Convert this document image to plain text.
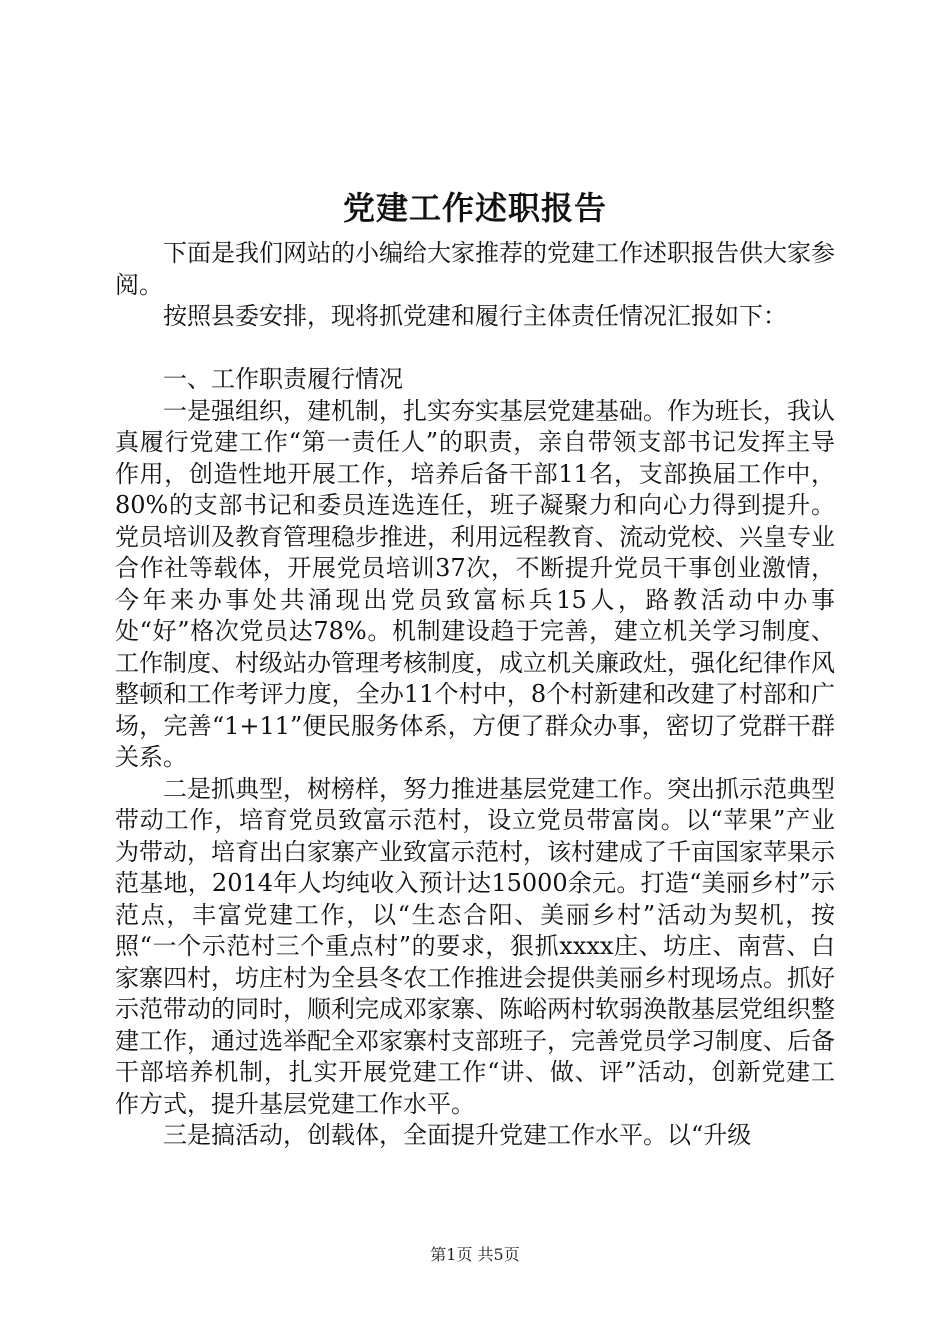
党建工作述职报告

下面是我们网站的小编给大家推荐的党建工作述职报告供大家参阅。

按照县委安排，现将抓党建和履行主体责任情况汇报如下：

一、工作职责履行情况

一是强组织，建机制，扎实夯实基层党建基础。作为班长，我认真履行党建工作“第一责任人”的职责，亲自带领支部书记发挥主导作用，创造性地开展工作，培养后备干部11名，支部换届工作中，80%的支部书记和委员连选连任，班子凝聚力和向心力得到提升。党员培训及教育管理稳步推进，利用远程教育、流动党校、兴皇专业合作社等载体，开展党员培训37次，不断提升党员干事创业激情，今年来办事处共涌现出党员致富标兵15人，路教活动中办事处“好”格次党员达78%。机制建设趋于完善，建立机关学习制度、工作制度、村级站办管理考核制度，成立机关廉政灶，强化纪律作风整顿和工作考评力度，全办11个村中，8个村新建和改建了村部和广场，完善“1+11”便民服务体系，方便了群众办事，密切了党群干群关系。

二是抓典型，树榜样，努力推进基层党建工作。突出抓示范典型带动工作，培育党员致富示范村，设立党员带富岗。以“苹果”产业为带动，培育出白家寨产业致富示范村，该村建成了千亩国家苹果示范基地，2014年人均纯收入预计达15000余元。打造“美丽乡村”示范点，丰富党建工作，以“生态合阳、美丽乡村”活动为契机，按照“一个示范村三个重点村”的要求，狠抓xxxx庄、坊庄、南营、白家寨四村，坊庄村为全县冬农工作推进会提供美丽乡村现场点。抓好示范带动的同时，顺利完成邓家寨、陈峪两村软弱涣散基层党组织整建工作，通过选举配全邓家寨村支部班子，完善党员学习制度、后备干部培养机制，扎实开展党建工作“讲、做、评”活动，创新党建工作方式，提升基层党建工作水平。

三是搞活动，创载体，全面提升党建工作水平。以“升级

第1页 共5页
